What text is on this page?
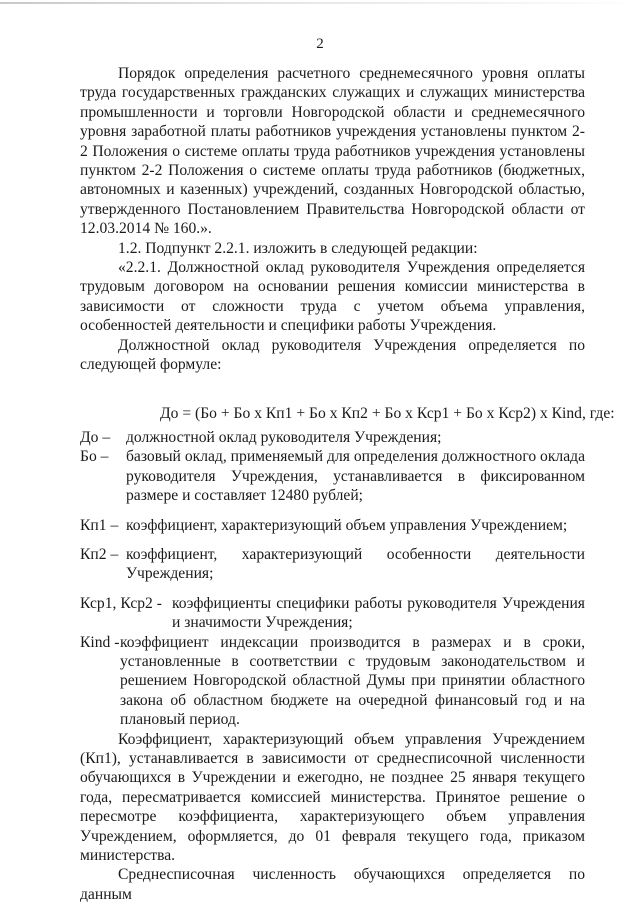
2

Порядок определения расчетного среднемесячного уровня оплаты труда государственных гражданских служащих и служащих министерства промышленности и торговли Новгородской области и среднемесячного уровня заработной платы работников учреждения установлены пунктом 2-2 Положения о системе оплаты труда работников учреждения установлены пунктом 2-2 Положения о системе оплаты труда работников (бюджетных, автономных и казенных) учреждений, созданных Новгородской областью, утвержденного Постановлением Правительства Новгородской области от 12.03.2014 № 160.».

1.2. Подпункт 2.2.1. изложить в следующей редакции:

«2.2.1. Должностной оклад руководителя Учреждения определяется трудовым договором на основании решения комиссии министерства в зависимости от сложности труда с учетом объема управления, особенностей деятельности и специфики работы Учреждения.

Должностной оклад руководителя Учреждения определяется по следующей формуле:

Дo = (Бo + Бo x Кп1 + Бo x Кп2 + Бo x Кср1 + Бo x Кср2) x Кind, где:
Дo –	должностной оклад руководителя Учреждения;
Бo –	базовый оклад, применяемый для определения должностного оклада руководителя Учреждения, устанавливается в фиксированном размере и составляет 12480 рублей;
Кп1 – коэффициент, характеризующий объем управления Учреждением;
Кп2 – коэффициент, характеризующий особенности деятельности Учреждения;
Кср1, Кср2 - коэффициенты специфики работы руководителя Учреждения и значимости Учреждения;
Кind - коэффициент индексации производится в размерах и в сроки, установленные в соответствии с трудовым законодательством и решением Новгородской областной Думы при принятии областного закона об областном бюджете на очередной финансовый год и на плановый период.

Коэффициент, характеризующий объем управления Учреждением (Кп1), устанавливается в зависимости от среднесписочной численности обучающихся в Учреждении и ежегодно, не позднее 25 января текущего года, пересматривается комиссией министерства. Принятое решение о пересмотре коэффициента, характеризующего объем управления Учреждением, оформляется, до 01 февраля текущего года, приказом министерства.

Среднесписочная численность обучающихся определяется по данным
